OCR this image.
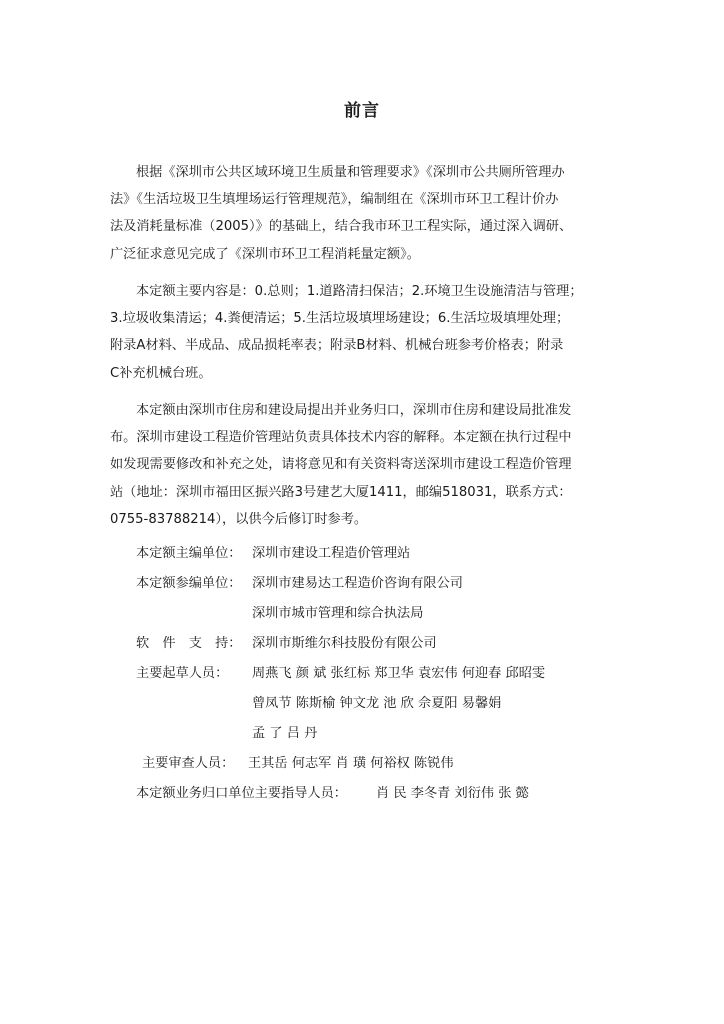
前言
根据《深圳市公共区域环境卫生质量和管理要求》《深圳市公共厕所管理办
法》《生活垃圾卫生填埋场运行管理规范》，编制组在《深圳市环卫工程计价办
法及消耗量标准（2005）》的基础上，结合我市环卫工程实际，通过深入调研、
广泛征求意见完成了《深圳市环卫工程消耗量定额》。
本定额主要内容是：0.总则；1.道路清扫保洁；2.环境卫生设施清洁与管理；
3.垃圾收集清运；4.粪便清运；5.生活垃圾填埋场建设；6.生活垃圾填埋处理；
附录A材料、半成品、成品损耗率表；附录B材料、机械台班参考价格表；附录
C补充机械台班。
本定额由深圳市住房和建设局提出并业务归口，深圳市住房和建设局批准发
布。深圳市建设工程造价管理站负责具体技术内容的解释。本定额在执行过程中
如发现需要修改和补充之处，请将意见和有关资料寄送深圳市建设工程造价管理
站（地址：深圳市福田区振兴路3号建艺大厦1411，邮编518031，联系方式：
0755-83788214），以供今后修订时参考。
本定额主编单位： 深圳市建设工程造价管理站
本定额参编单位： 深圳市建易达工程造价咨询有限公司
深圳市城市管理和综合执法局
软　件　支　持： 深圳市斯维尔科技股份有限公司
主要起草人员： 周燕飞 颜 斌 张红标 郑卫华 袁宏伟 何迎春 邱昭雯
曾凤节 陈斯榆 钟文龙 池 欣 佘夏阳 易馨娟
孟 了 吕 丹
主要审查人员： 王其岳 何志军 肖 璜 何裕权 陈锐伟
本定额业务归口单位主要指导人员： 肖 民 李冬青 刘衍伟 张 懿
